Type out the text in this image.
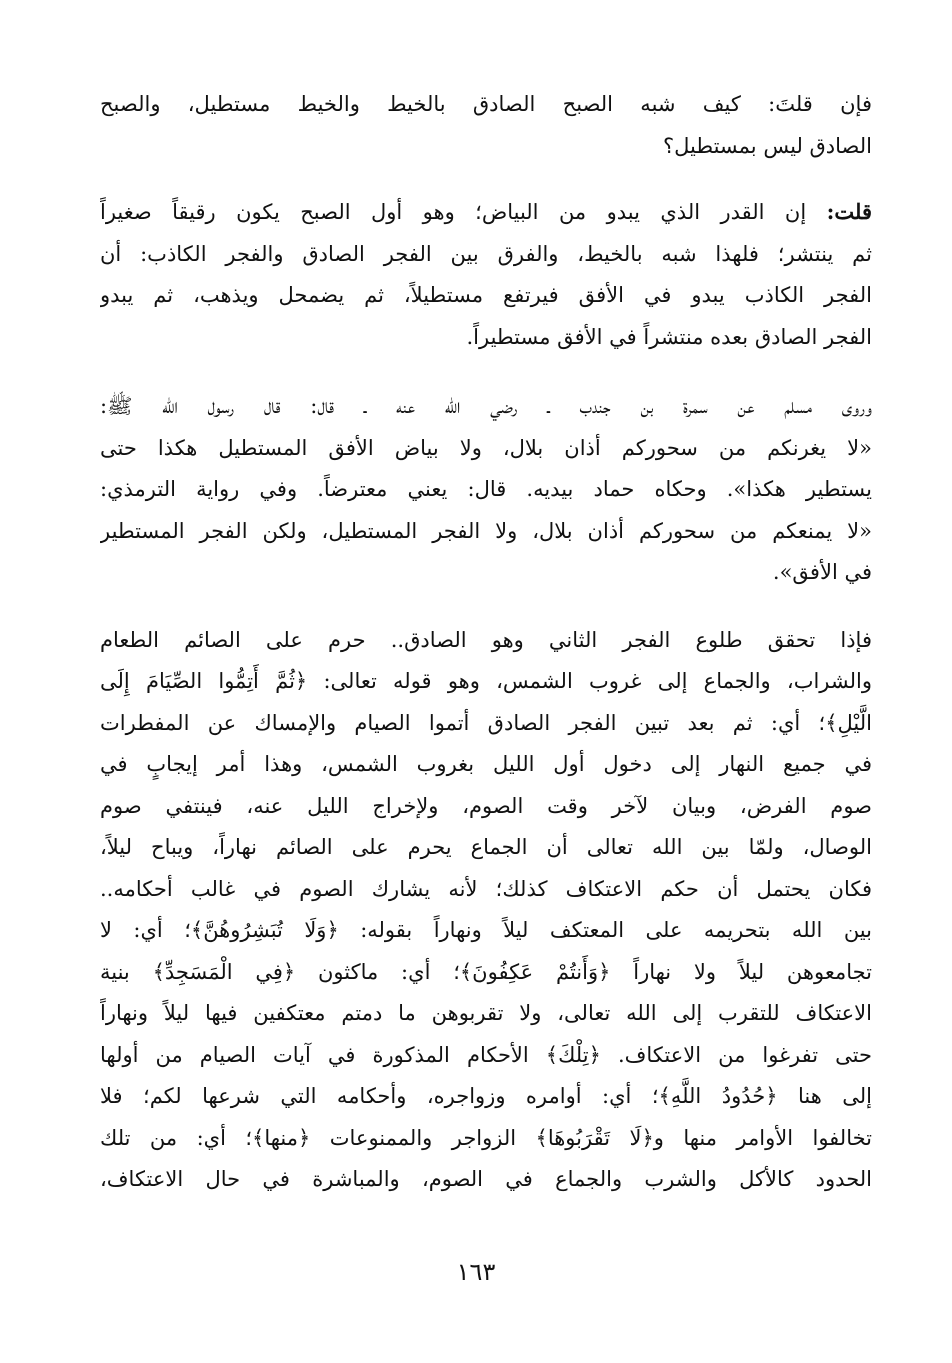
فإن قلتَ: كيف شبه الصبح الصادق بالخيط والخيط مستطيل، والصبح
الصادق ليس بمستطيل؟

قلت: إن القدر الذي يبدو من البياض؛ وهو أول الصبح يكون رقيقاً صغيراً
ثم ينتشر؛ فلهذا شبه بالخيط، والفرق بين الفجر الصادق والفجر الكاذب: أن
الفجر الكاذب يبدو في الأفق فيرتفع مستطيلاً، ثم يضمحل ويذهب، ثم يبدو
الفجر الصادق بعده منتشراً في الأفق مستطيراً.

وروى مسلم عن سمرة بن جندب ـ رضي الله عنه ـ قال: قال رسول الله ﷺ:
«لا يغرنكم من سحوركم أذان بلال، ولا بياض الأفق المستطيل هكذا حتى
يستطير هكذا». وحكاه حماد بيديه. قال: يعني معترضاً. وفي رواية الترمذي:
«لا يمنعكم من سحوركم أذان بلال، ولا الفجر المستطيل، ولكن الفجر المستطير
في الأفق».

فإذا تحقق طلوع الفجر الثاني وهو الصادق.. حرم على الصائم الطعام
والشراب، والجماع إلى غروب الشمس، وهو قوله تعالى: ﴿ثُمَّ أَتِمُّوا الصِّيَامَ إِلَى
الَّيْلِ﴾؛ أي: ثم بعد تبين الفجر الصادق أتموا الصيام والإمساك عن المفطرات
في جميع النهار إلى دخول أول الليل بغروب الشمس، وهذا أمر إيجابٍ في
صوم الفرض، وبيان لآخر وقت الصوم، ولإخراج الليل عنه، فينتفي صوم
الوصال، ولمّا بين الله تعالى أن الجماع يحرم على الصائم نهاراً، ويباح ليلاً،
فكان يحتمل أن حكم الاعتكاف كذلك؛ لأنه يشارك الصوم في غالب أحكامه..
بين الله بتحريمه على المعتكف ليلاً ونهاراً بقوله: ﴿وَلَا تُبَشِرُوهُنَّ﴾؛ أي: لا
تجامعوهن ليلاً ولا نهاراً ﴿وَأَنتُمْ عَكِفُونَ﴾؛ أي: ماكثون ﴿فِي الْمَسَجِدِّ﴾ بنية
الاعتكاف للتقرب إلى الله تعالى، ولا تقربوهن ما دمتم معتكفين فيها ليلاً ونهاراً
حتى تفرغوا من الاعتكاف. ﴿تِلْكَ﴾ الأحكام المذكورة في آيات الصيام من أولها
إلى هنا ﴿حُدُودُ اللَّهِ﴾؛ أي: أوامره وزواجره، وأحكامه التي شرعها لكم؛ فلا
تخالفوا الأوامر منها و﴿لَا تَقْرَبُوهَا﴾ الزواجر والممنوعات ﴿منها﴾؛ أي: من تلك
الحدود كالأكل والشرب والجماع في الصوم، والمباشرة في حال الاعتكاف،

١٦٣
